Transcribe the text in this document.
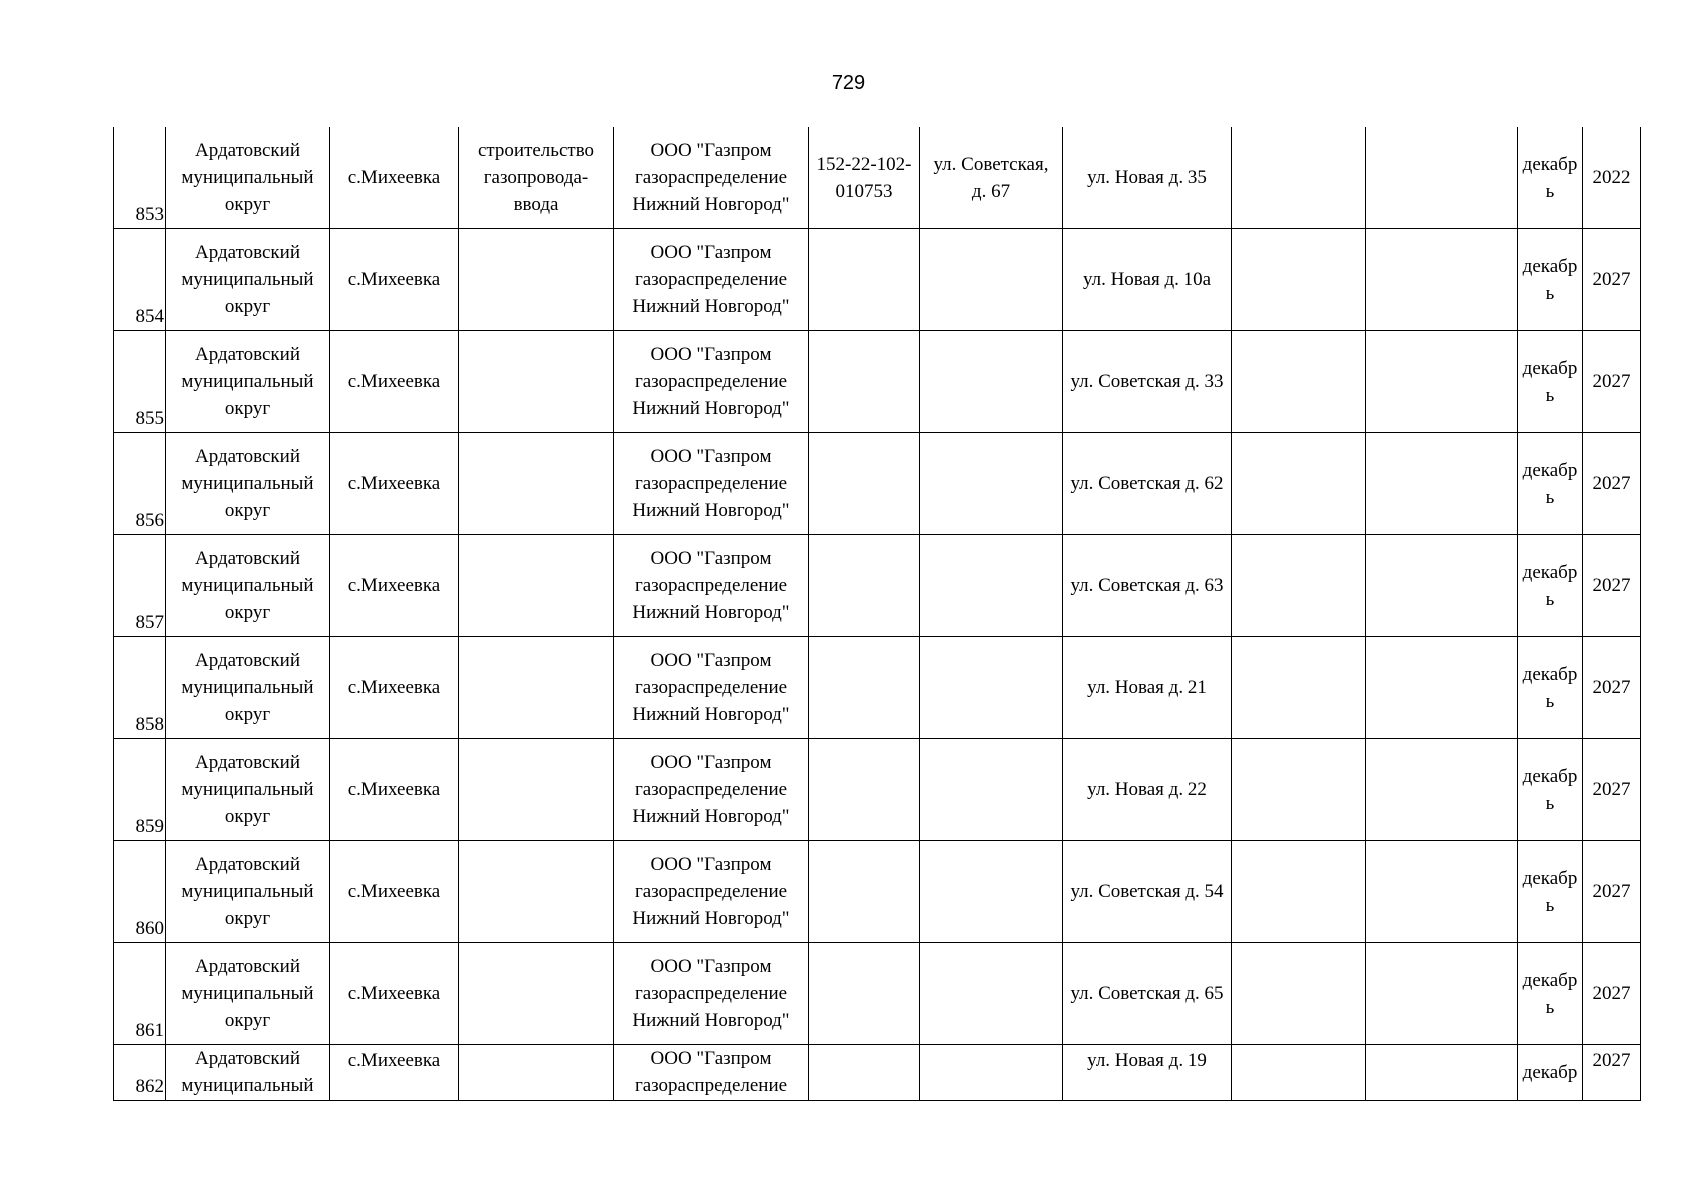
729
853	Ардатовский
муниципальный
округ	с.Михеевка	строительство
газопровода-
ввода	ООО "Газпром
газораспределение
Нижний Новгород"	152-22-102-
010753	ул. Советская,
д. 67	ул. Новая д. 35			декабр
ь	2022

854	Ардатовский
муниципальный
округ	с.Михеевка		ООО "Газпром
газораспределение
Нижний Новгород"			ул. Новая д. 10а			декабр
ь	2027

855	Ардатовский
муниципальный
округ	с.Михеевка		ООО "Газпром
газораспределение
Нижний Новгород"			ул. Советская д. 33			декабр
ь	2027

856	Ардатовский
муниципальный
округ	с.Михеевка		ООО "Газпром
газораспределение
Нижний Новгород"			ул. Советская д. 62			декабр
ь	2027

857	Ардатовский
муниципальный
округ	с.Михеевка		ООО "Газпром
газораспределение
Нижний Новгород"			ул. Советская д. 63			декабр
ь	2027

858	Ардатовский
муниципальный
округ	с.Михеевка		ООО "Газпром
газораспределение
Нижний Новгород"			ул. Новая д. 21			декабр
ь	2027

859	Ардатовский
муниципальный
округ	с.Михеевка		ООО "Газпром
газораспределение
Нижний Новгород"			ул. Новая д. 22			декабр
ь	2027

860	Ардатовский
муниципальный
округ	с.Михеевка		ООО "Газпром
газораспределение
Нижний Новгород"			ул. Советская д. 54			декабр
ь	2027

861	Ардатовский
муниципальный
округ	с.Михеевка		ООО "Газпром
газораспределение
Нижний Новгород"			ул. Советская д. 65			декабр
ь	2027

862	Ардатовский
муниципальный	с.Михеевка		ООО "Газпром
газораспределение			ул. Новая д. 19			декабр	2027
